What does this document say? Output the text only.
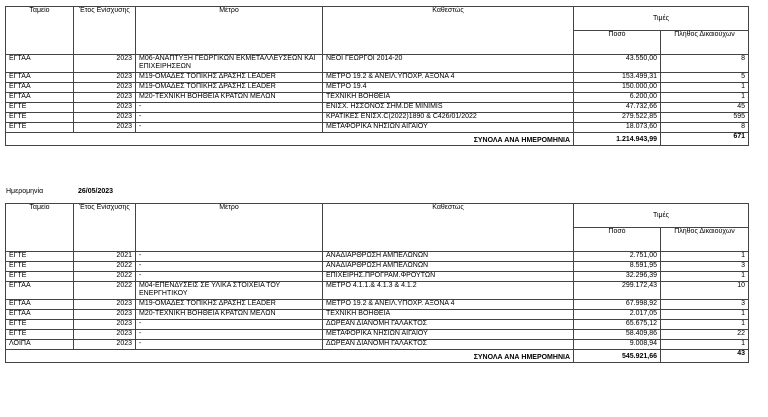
Ταμείο	Έτος Ενίσχυσης	Μέτρο	Καθεστώς	Τιμές	
				Ποσό	Πλήθος Δικαιούχων
ΕΓΤΑΑ	2023	Μ06-ΑΝΑΠΤΥΞΗ ΓΕΩΡΓΙΚΩΝ ΕΚΜΕΤΑΛΛΕΥΣΕΩΝ ΚΑΙ ΕΠΙΧΕΙΡΗΣΕΩΝ	ΝΕΟΙ ΓΕΩΡΓΟΙ 2014-20	43.550,00	8
ΕΓΤΑΑ	2023	Μ19-ΟΜΑΔΕΣ ΤΟΠΙΚΗΣ ΔΡΑΣΗΣ LEADER	ΜΕΤΡΟ 19.2 & ΑΝΕΙΛ.ΥΠΟΧΡ. ΑΞΟΝΑ 4	153.499,31	5
ΕΓΤΑΑ	2023	Μ19-ΟΜΑΔΕΣ ΤΟΠΙΚΗΣ ΔΡΑΣΗΣ LEADER	ΜΕΤΡΟ 19.4	150.000,00	1
ΕΓΤΑΑ	2023	Μ20-ΤΕΧΝΙΚΗ ΒΟΗΘΕΙΑ ΚΡΑΤΩΝ ΜΕΛΩΝ	ΤΕΧΝΙΚΗ ΒΟΗΘΕΙΑ	6.200,00	1
ΕΓΤΕ	2023	-	ΕΝΙΣΧ. ΗΣΣΟΝΟΣ ΣΗΜ.DE MINIMIS	47.732,66	45
ΕΓΤΕ	2023	-	ΚΡΑΤΙΚΕΣ ΕΝΙΣΧ.C(2022)1890 & C426/01/2022	279.522,85	595
ΕΓΤΕ	2023	-	ΜΕΤΑΦΟΡΙΚΑ ΝΗΣΙΩΝ ΑΙΓΑΙΟΥ	18.073,60	8
ΣΥΝΟΛΑ ΑΝΑ ΗΜΕΡΟΜΗΝΙΑ				1.214.943,99	671
Ημερομηνία	26/05/2023
Ταμείο	Έτος Ενίσχυσης	Μέτρο	Καθεστώς	Τιμές	
				Ποσό	Πλήθος Δικαιούχων
ΕΓΤΕ	2021	-	ΑΝΑΔΙΑΡΘΡΩΣΗ ΑΜΠΕΛΩΝΩΝ	2.751,00	1
ΕΓΤΕ	2022	-	ΑΝΑΔΙΑΡΘΡΩΣΗ ΑΜΠΕΛΩΝΩΝ	8.591,95	3
ΕΓΤΕ	2022	-	ΕΠΙΧΕΙΡΗΣ.ΠΡΟΓΡΑΜ.ΦΡΟΥΤΩΝ	32.296,39	1
ΕΓΤΑΑ	2022	Μ04-ΕΠΕΝΔΥΣΕΙΣ ΣΕ ΥΛΙΚΑ ΣΤΟΙΧΕΙΑ ΤΟΥ ΕΝΕΡΓΗΤΙΚΟΥ	ΜΕΤΡΟ 4.1.1.& 4.1.3 & 4.1.2	299.172,43	10
ΕΓΤΑΑ	2023	Μ19-ΟΜΑΔΕΣ ΤΟΠΙΚΗΣ ΔΡΑΣΗΣ LEADER	ΜΕΤΡΟ 19.2 & ΑΝΕΙΛ.ΥΠΟΧΡ. ΑΞΟΝΑ 4	67.998,92	3
ΕΓΤΑΑ	2023	Μ20-ΤΕΧΝΙΚΗ ΒΟΗΘΕΙΑ ΚΡΑΤΩΝ ΜΕΛΩΝ	ΤΕΧΝΙΚΗ ΒΟΗΘΕΙΑ	2.017,05	1
ΕΓΤΕ	2023	-	ΔΩΡΕΑΝ ΔΙΑΝΟΜΗ ΓΑΛΑΚΤΟΣ	65.675,12	1
ΕΓΤΕ	2023	-	ΜΕΤΑΦΟΡΙΚΑ ΝΗΣΙΩΝ ΑΙΓΑΙΟΥ	58.409,86	22
ΛΟΙΠΑ	2023	-	ΔΩΡΕΑΝ ΔΙΑΝΟΜΗ ΓΑΛΑΚΤΟΣ	9.008,94	1
ΣΥΝΟΛΑ ΑΝΑ ΗΜΕΡΟΜΗΝΙΑ				545.921,66	43
